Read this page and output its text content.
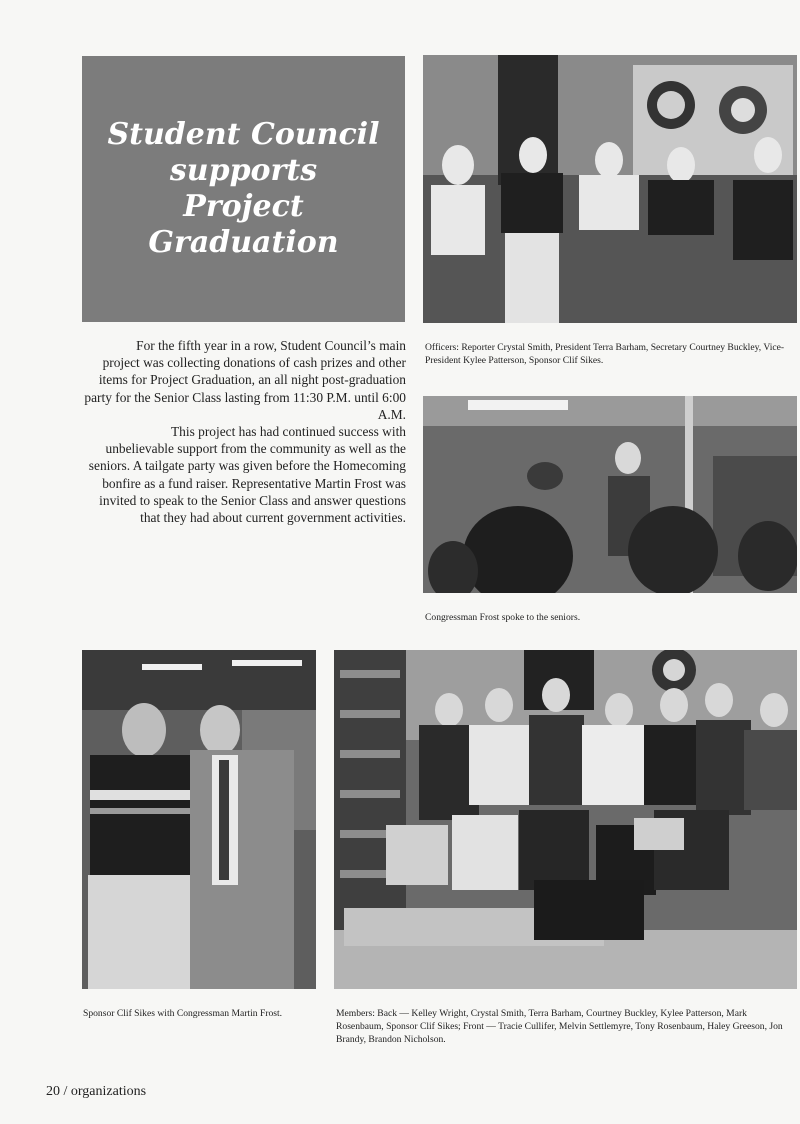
Student Council
supports
Project
Graduation

For the fifth year in a row, Student Council’s main project was collecting donations of cash prizes and other items for Project Graduation, an all night post-graduation party for the Senior Class lasting from 11:30 P.M. until 6:00 A.M.

This project has had continued success with unbelievable support from the community as well as the seniors. A tailgate party was given before the Homecoming bonfire as a fund raiser. Representative Martin Frost was invited to speak to the Senior Class and answer questions that they had about current government activities.

Officers: Reporter Crystal Smith, President Terra Barham, Secretary Courtney Buckley, Vice-President Kylee Patterson, Sponsor Clif Sikes.
Congressman Frost spoke to the seniors.
Sponsor Clif Sikes with Congressman Martin Frost.	Members: Back — Kelley Wright, Crystal Smith, Terra Barham, Courtney Buckley, Kylee Patterson, Mark Rosenbaum, Sponsor Clif Sikes; Front — Tracie Cullifer, Melvin Settlemyre, Tony Rosenbaum, Haley Greeson, Jon Brandy, Brandon Nicholson.
20 / organizations
